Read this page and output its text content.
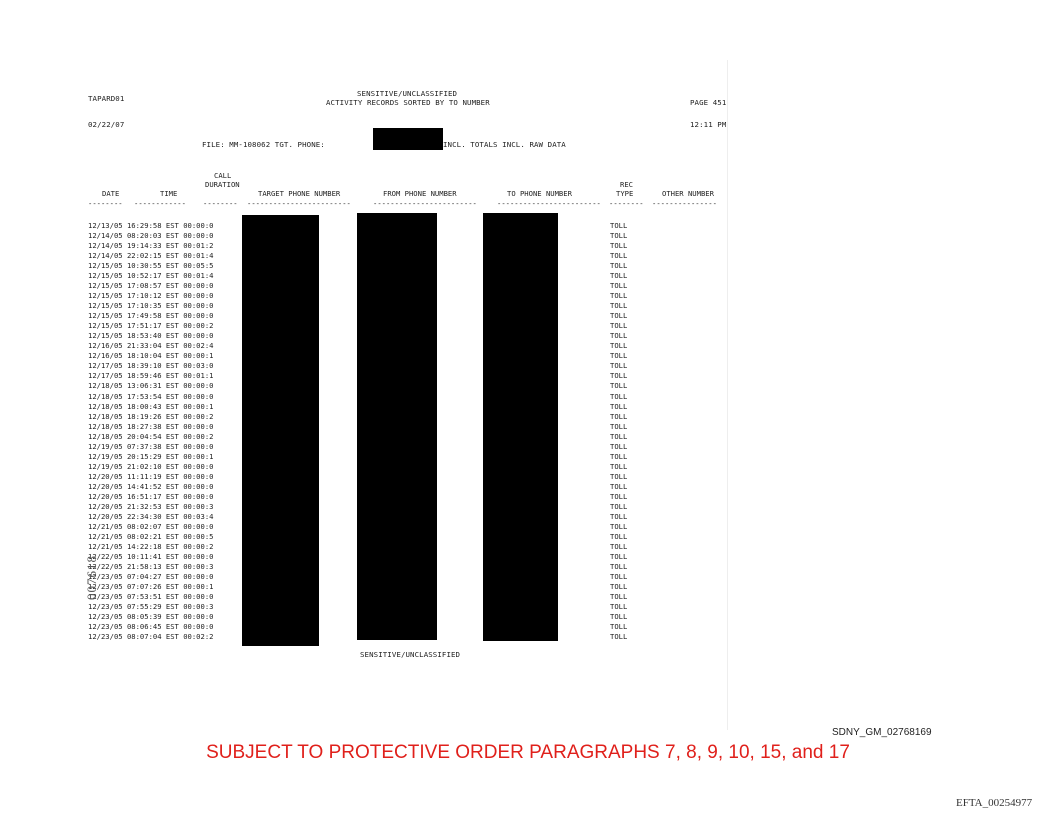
TAPARD01
SENSITIVE/UNCLASSIFIED
ACTIVITY RECORDS SORTED BY TO NUMBER	PAGE 451
02/22/07	12:11 PM
FILE: MM-108062 TGT. PHONE:	INCL. TOTALS INCL. RAW DATA
CALL
DURATION
DATE	TIME	TARGET PHONE NUMBER	FROM PHONE NUMBER	TO PHONE NUMBER
REC
TYPE	OTHER NUMBER
-------- ------------ -------- ------------------------	------------------------	------------------------ -------- ---------------
12/13/05 16:29:58 EST 00:00:0	TOLL
12/14/05 08:20:03 EST 00:00:0	TOLL
12/14/05 19:14:33 EST 00:01:2	TOLL
12/14/05 22:02:15 EST 00:01:4	TOLL
12/15/05 10:30:55 EST 00:05:5	TOLL
12/15/05 10:52:17 EST 00:01:4	TOLL
12/15/05 17:08:57 EST 00:00:0	TOLL
12/15/05 17:10:12 EST 00:00:0	TOLL
12/15/05 17:10:35 EST 00:00:0	TOLL
12/15/05 17:49:58 EST 00:00:0	TOLL
12/15/05 17:51:17 EST 00:00:2	TOLL
12/15/05 18:53:40 EST 00:00:0	TOLL
12/16/05 21:33:04 EST 00:02:4	TOLL
12/16/05 18:10:04 EST 00:00:1	TOLL
12/17/05 18:39:10 EST 00:03:0	TOLL
12/17/05 18:59:46 EST 00:01:1	TOLL
12/18/05 13:06:31 EST 00:00:0	TOLL
12/18/05 17:53:54 EST 00:00:0	TOLL
12/18/05 18:00:43 EST 00:00:1	TOLL
12/18/05 18:19:26 EST 00:00:2	TOLL
12/18/05 18:27:38 EST 00:00:0	TOLL
12/18/05 20:04:54 EST 00:00:2	TOLL
12/19/05 07:37:38 EST 00:00:0	TOLL
12/19/05 20:15:29 EST 00:00:1	TOLL
12/19/05 21:02:10 EST 00:00:0	TOLL
12/20/05 11:11:19 EST 00:00:0	TOLL
12/20/05 14:41:52 EST 00:00:0	TOLL
12/20/05 16:51:17 EST 00:00:0	TOLL
12/20/05 21:32:53 EST 00:00:3	TOLL
12/20/05 22:34:30 EST 00:03:4	TOLL
12/21/05 08:02:07 EST 00:00:0	TOLL
12/21/05 08:02:21 EST 00:00:5	TOLL
12/21/05 14:22:18 EST 00:00:2	TOLL
12/22/05 10:11:41 EST 00:00:0	TOLL
12/22/05 21:58:13 EST 00:00:3	TOLL
12/23/05 07:04:27 EST 00:00:0	TOLL
12/23/05 07:07:26 EST 00:00:1	TOLL
12/23/05 07:53:51 EST 00:00:0	TOLL
12/23/05 07:55:29 EST 00:00:3	TOLL
12/23/05 08:05:39 EST 00:00:0	TOLL
12/23/05 08:06:45 EST 00:00:0	TOLL
12/23/05 08:07:04 EST 00:02:2	TOLL
SENSITIVE/UNCLASSIFIED
007618
SDNY_GM_02768169
SUBJECT TO PROTECTIVE ORDER PARAGRAPHS 7, 8, 9, 10, 15, and 17
EFTA_00254977
